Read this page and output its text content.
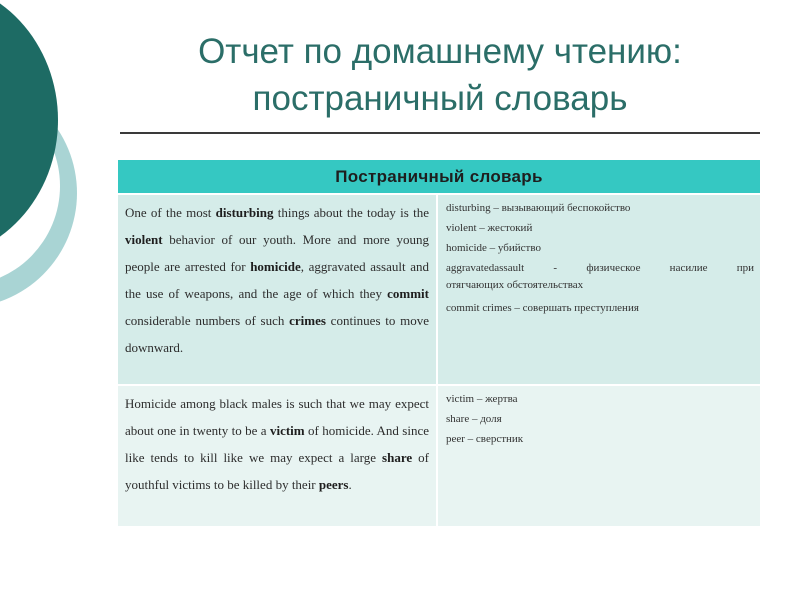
Отчет по домашнему чтению:
постраничный словарь
Постраничный словарь
One of the most disturbing things about the today is the violent behavior of our youth. More and more young people are arrested for homicide, aggravated assault and the use of weapons, and the age of which they commit considerable numbers of such crimes continues to move downward.
disturbing – вызывающий беспокойство
violent – жестокий
homicide – убийство
aggravatedassault - физическое насилие при
отягчающих обстоятельствах
commit crimes – совершать преступления
Homicide among black males is such that we may expect about one in twenty to be a victim of homicide. And since like tends to kill like we may expect a large share of youthful victims to be killed by their peers.
victim – жертва
share – доля
peer – сверстник
